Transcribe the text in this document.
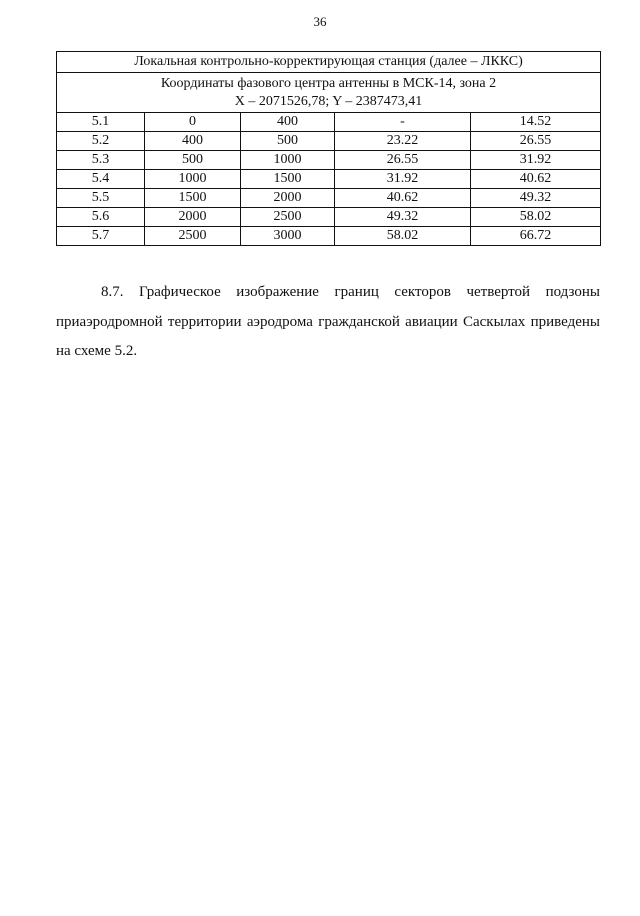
36
Локальная контрольно-корректирующая станция (далее – ЛККС)				

Координаты фазового центра антенны в МСК-14, зона 2
X – 2071526,78; Y – 2387473,41				

5.1	0	400	-	14.52
5.2	400	500	23.22	26.55
5.3	500	1000	26.55	31.92
5.4	1000	1500	31.92	40.62
5.5	1500	2000	40.62	49.32
5.6	2000	2500	49.32	58.02
5.7	2500	3000	58.02	66.72
8.7. Графическое изображение границ секторов четвертой подзоны
приаэродромной территории аэродрома гражданской авиации Саскылах приведены
на схеме 5.2.
